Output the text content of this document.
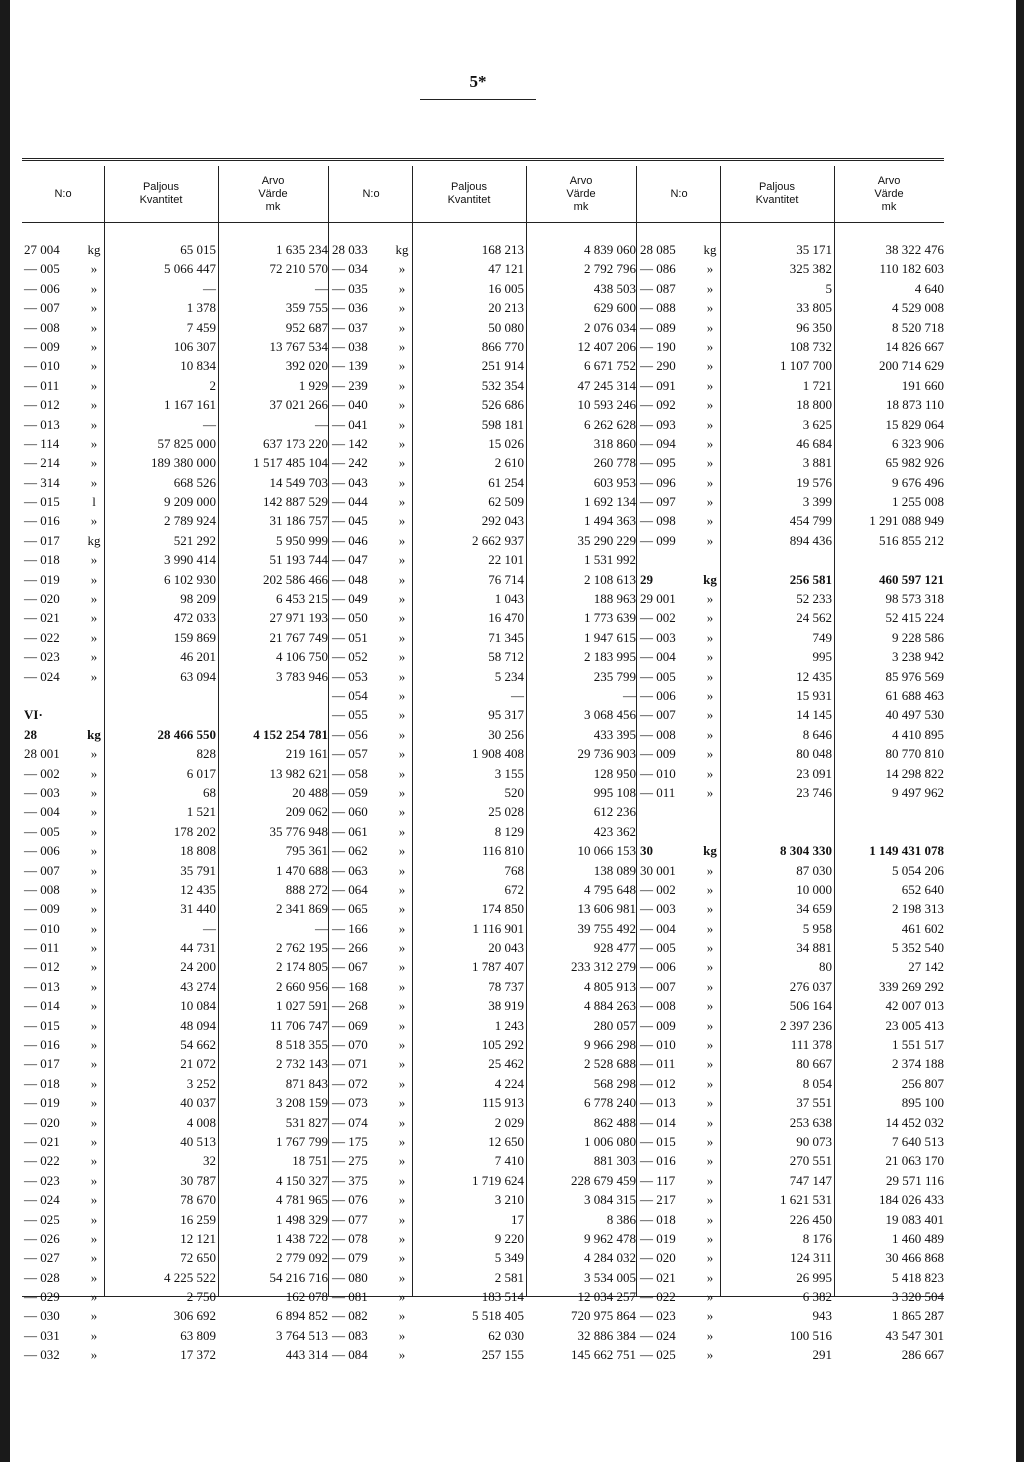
5*
N:o
Paljous
Kvantitet
Arvo
Värde
mk
27 004	kg	65 015	1 635 234
— 005	»	5 066 447	72 210 570
— 006	»	—	—
— 007	»	1 378	359 755
— 008	»	7 459	952 687
— 009	»	106 307	13 767 534
— 010	»	10 834	392 020
— 011	»	2	1 929
— 012	»	1 167 161	37 021 266
— 013	»	—	—
— 114	»	57 825 000	637 173 220
— 214	»	189 380 000	1 517 485 104
— 314	»	668 526	14 549 703
— 015	l	9 209 000	142 887 529
— 016	»	2 789 924	31 186 757
— 017	kg	521 292	5 950 999
— 018	»	3 990 414	51 193 744
— 019	»	6 102 930	202 586 466
— 020	»	98 209	6 453 215
— 021	»	472 033	27 971 193
— 022	»	159 869	21 767 749
— 023	»	46 201	4 106 750
— 024	»	63 094	3 783 946
VI·
28	kg	28 466 550	4 152 254 781
28 001	»	828	219 161
— 002	»	6 017	13 982 621
— 003	»	68	20 488
— 004	»	1 521	209 062
— 005	»	178 202	35 776 948
— 006	»	18 808	795 361
— 007	»	35 791	1 470 688
— 008	»	12 435	888 272
— 009	»	31 440	2 341 869
— 010	»	—	—
— 011	»	44 731	2 762 195
— 012	»	24 200	2 174 805
— 013	»	43 274	2 660 956
— 014	»	10 084	1 027 591
— 015	»	48 094	11 706 747
— 016	»	54 662	8 518 355
— 017	»	21 072	2 732 143
— 018	»	3 252	871 843
— 019	»	40 037	3 208 159
— 020	»	4 008	531 827
— 021	»	40 513	1 767 799
— 022	»	32	18 751
— 023	»	30 787	4 150 327
— 024	»	78 670	4 781 965
— 025	»	16 259	1 498 329
— 026	»	12 121	1 438 722
— 027	»	72 650	2 779 092
— 028	»	4 225 522	54 216 716
— 029	»	2 750	162 078
— 030	»	306 692	6 894 852
— 031	»	63 809	3 764 513
— 032	»	17 372	443 314
N:o
Paljous
Kvantitet
Arvo
Värde
mk
28 033	kg	168 213	4 839 060
— 034	»	47 121	2 792 796
— 035	»	16 005	438 503
— 036	»	20 213	629 600
— 037	»	50 080	2 076 034
— 038	»	866 770	12 407 206
— 139	»	251 914	6 671 752
— 239	»	532 354	47 245 314
— 040	»	526 686	10 593 246
— 041	»	598 181	6 262 628
— 142	»	15 026	318 860
— 242	»	2 610	260 778
— 043	»	61 254	603 953
— 044	»	62 509	1 692 134
— 045	»	292 043	1 494 363
— 046	»	2 662 937	35 290 229
— 047	»	22 101	1 531 992
— 048	»	76 714	2 108 613
— 049	»	1 043	188 963
— 050	»	16 470	1 773 639
— 051	»	71 345	1 947 615
— 052	»	58 712	2 183 995
— 053	»	5 234	235 799
— 054	»	—	—
— 055	»	95 317	3 068 456
— 056	»	30 256	433 395
— 057	»	1 908 408	29 736 903
— 058	»	3 155	128 950
— 059	»	520	995 108
— 060	»	25 028	612 236
— 061	»	8 129	423 362
— 062	»	116 810	10 066 153
— 063	»	768	138 089
— 064	»	672	4 795 648
— 065	»	174 850	13 606 981
— 166	»	1 116 901	39 755 492
— 266	»	20 043	928 477
— 067	»	1 787 407	233 312 279
— 168	»	78 737	4 805 913
— 268	»	38 919	4 884 263
— 069	»	1 243	280 057
— 070	»	105 292	9 966 298
— 071	»	25 462	2 528 688
— 072	»	4 224	568 298
— 073	»	115 913	6 778 240
— 074	»	2 029	862 488
— 175	»	12 650	1 006 080
— 275	»	7 410	881 303
— 375	»	1 719 624	228 679 459
— 076	»	3 210	3 084 315
— 077	»	17	8 386
— 078	»	9 220	9 962 478
— 079	»	5 349	4 284 032
— 080	»	2 581	3 534 005
— 081	»	183 514	12 034 257
— 082	»	5 518 405	720 975 864
— 083	»	62 030	32 886 384
— 084	»	257 155	145 662 751
N:o
Paljous
Kvantitet
Arvo
Värde
mk
28 085	kg	35 171	38 322 476
— 086	»	325 382	110 182 603
— 087	»	5	4 640
— 088	»	33 805	4 529 008
— 089	»	96 350	8 520 718
— 190	»	108 732	14 826 667
— 290	»	1 107 700	200 714 629
— 091	»	1 721	191 660
— 092	»	18 800	18 873 110
— 093	»	3 625	15 829 064
— 094	»	46 684	6 323 906
— 095	»	3 881	65 982 926
— 096	»	19 576	9 676 496
— 097	»	3 399	1 255 008
— 098	»	454 799	1 291 088 949
— 099	»	894 436	516 855 212
29	kg	256 581	460 597 121
29 001	»	52 233	98 573 318
— 002	»	24 562	52 415 224
— 003	»	749	9 228 586
— 004	»	995	3 238 942
— 005	»	12 435	85 976 569
— 006	»	15 931	61 688 463
— 007	»	14 145	40 497 530
— 008	»	8 646	4 410 895
— 009	»	80 048	80 770 810
— 010	»	23 091	14 298 822
— 011	»	23 746	9 497 962
30	kg	8 304 330	1 149 431 078
30 001	»	87 030	5 054 206
— 002	»	10 000	652 640
— 003	»	34 659	2 198 313
— 004	»	5 958	461 602
— 005	»	34 881	5 352 540
— 006	»	80	27 142
— 007	»	276 037	339 269 292
— 008	»	506 164	42 007 013
— 009	»	2 397 236	23 005 413
— 010	»	111 378	1 551 517
— 011	»	80 667	2 374 188
— 012	»	8 054	256 807
— 013	»	37 551	895 100
— 014	»	253 638	14 452 032
— 015	»	90 073	7 640 513
— 016	»	270 551	21 063 170
— 117	»	747 147	29 571 116
— 217	»	1 621 531	184 026 433
— 018	»	226 450	19 083 401
— 019	»	8 176	1 460 489
— 020	»	124 311	30 466 868
— 021	»	26 995	5 418 823
— 022	»	6 382	3 320 504
— 023	»	943	1 865 287
— 024	»	100 516	43 547 301
— 025	»	291	286 667
